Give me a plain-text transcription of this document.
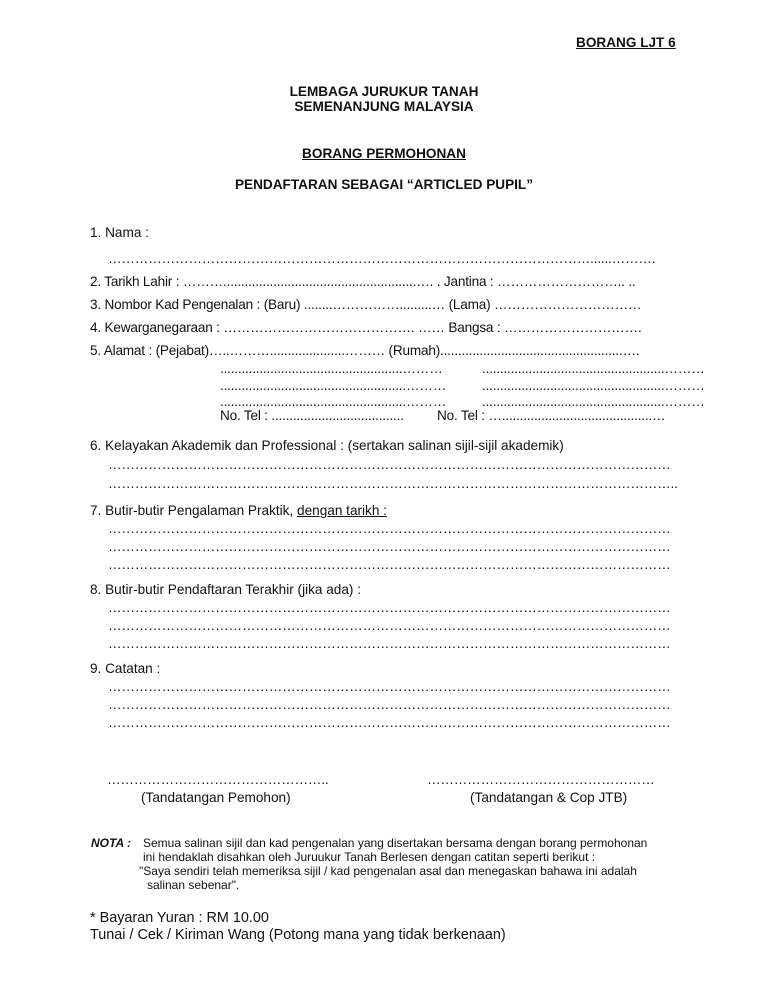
BORANG LJT 6
LEMBAGA JURUKUR TANAH
SEMENANJUNG MALAYSIA
BORANG PERMOHONAN
PENDAFTARAN SEBAGAI “ARTICLED PUPIL”
1. Nama :
………………………………………………………………………………………………......……….
2. Tarikh Lahir : ………......................................................…. . Jantina : ……………………….. ..
3. Nombor Kad Pengenalan : (Baru) ........…………….........… (Lama) ……………………………
4. Kewarganegaraan : ……………………………………. …… Bangsa : ………………………….
5. Alamat : (Pejabat)…..……….....................……… (Rumah)...................................................….
...................................................………
....................................................………
....................................................………
...................................................………
...................................................………
...................................................………
No. Tel : ..................................... No. Tel : …..........................................…
6. Kelayakan Akademik dan Professional : (sertakan salinan sijil-sijil akademik)
………………………………………………………………………………………………………………
………………………………………………………………………………………………………………..
7. Butir-butir Pengalaman Praktik, dengan tarikh :
………………………………………………………………………………………………………………
………………………………………………………………………………………………………………
………………………………………………………………………………………………………………
8. Butir-butir Pendaftaran Terakhir (jika ada) :
………………………………………………………………………………………………………………
………………………………………………………………………………………………………………
………………………………………………………………………………………………………………
9. Catatan :
………………………………………………………………………………………………………………
………………………………………………………………………………………………………………
………………………………………………………………………………………………………………
…………………………………………..
(Tandatangan Pemohon)
……………………………………………
(Tandatangan & Cop JTB)
NOTA : Semua salinan sijil dan kad pengenalan yang disertakan bersama dengan borang permohonan
ini hendaklah disahkan oleh Juruukur Tanah Berlesen dengan catitan seperti berikut :
"Saya sendiri telah memeriksa sijil / kad pengenalan asal dan menegaskan bahawa ini adalah
salinan sebenar".
* Bayaran Yuran : RM 10.00
Tunai / Cek / Kiriman Wang (Potong mana yang tidak berkenaan)
